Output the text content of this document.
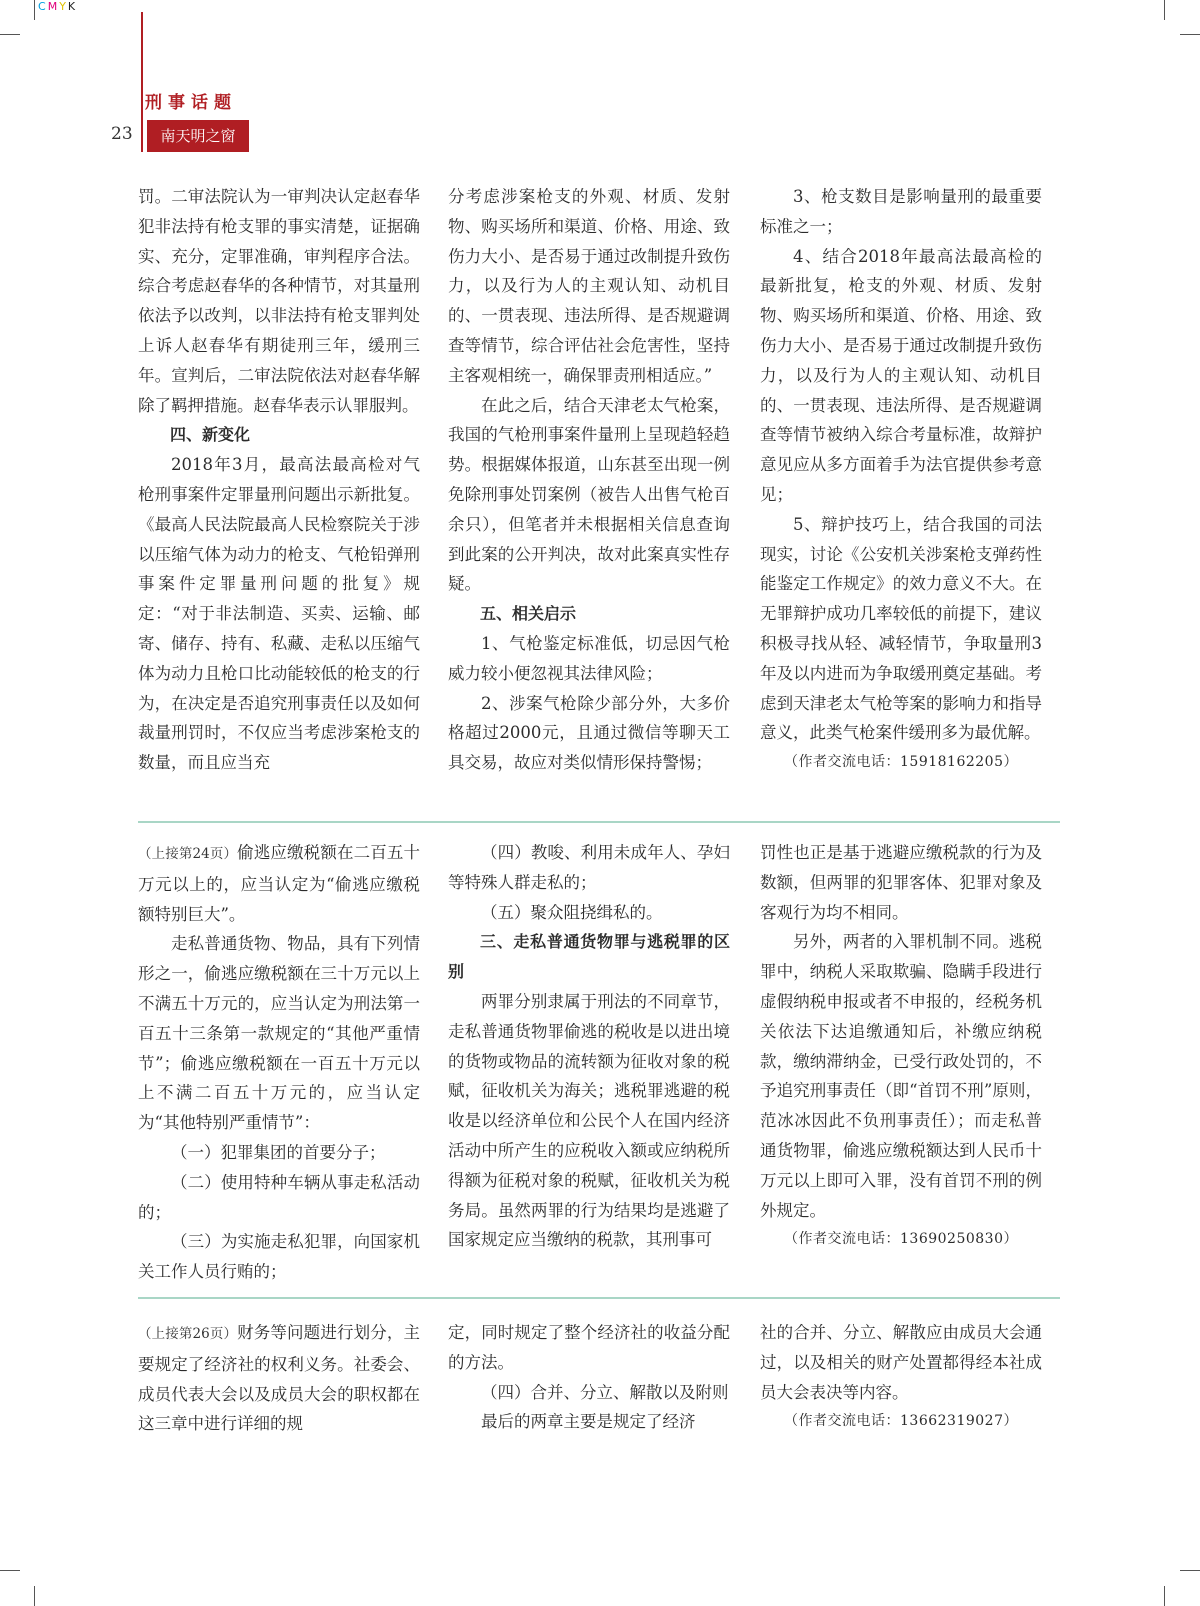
CMYK
刑事话题
23	南天明之窗

罚。二审法院认为一审判决认定赵春华犯非法持有枪支罪的事实清楚，证据确实、充分，定罪准确，审判程序合法。综合考虑赵春华的各种情节，对其量刑依法予以改判，以非法持有枪支罪判处上诉人赵春华有期徒刑三年，缓刑三年。宣判后，二审法院依法对赵春华解除了羁押措施。赵春华表示认罪服判。

四、新变化

2018年3月，最高法最高检对气枪刑事案件定罪量刑问题出示新批复。《最高人民法院最高人民检察院关于涉以压缩气体为动力的枪支、气枪铅弹刑事案件定罪量刑问题的批复》规定：“对于非法制造、买卖、运输、邮寄、储存、持有、私藏、走私以压缩气体为动力且枪口比动能较低的枪支的行为，在决定是否追究刑事责任以及如何裁量刑罚时，不仅应当考虑涉案枪支的数量，而且应当充

分考虑涉案枪支的外观、材质、发射物、购买场所和渠道、价格、用途、致伤力大小、是否易于通过改制提升致伤力，以及行为人的主观认知、动机目的、一贯表现、违法所得、是否规避调查等情节，综合评估社会危害性，坚持主客观相统一，确保罪责刑相适应。”

在此之后，结合天津老太气枪案，我国的气枪刑事案件量刑上呈现趋轻趋势。根据媒体报道，山东甚至出现一例免除刑事处罚案例（被告人出售气枪百余只），但笔者并未根据相关信息查询到此案的公开判决，故对此案真实性存疑。

五、相关启示

1、气枪鉴定标准低，切忌因气枪威力较小便忽视其法律风险；

2、涉案气枪除少部分外，大多价格超过2000元，且通过微信等聊天工具交易，故应对类似情形保持警惕；

3、枪支数目是影响量刑的最重要标准之一；

4、结合2018年最高法最高检的最新批复，枪支的外观、材质、发射物、购买场所和渠道、价格、用途、致伤力大小、是否易于通过改制提升致伤力，以及行为人的主观认知、动机目的、一贯表现、违法所得、是否规避调查等情节被纳入综合考量标准，故辩护意见应从多方面着手为法官提供参考意见；

5、辩护技巧上，结合我国的司法现实，讨论《公安机关涉案枪支弹药性能鉴定工作规定》的效力意义不大。在无罪辩护成功几率较低的前提下，建议积极寻找从轻、减轻情节，争取量刑3年及以内进而为争取缓刑奠定基础。考虑到天津老太气枪等案的影响力和指导意义，此类气枪案件缓刑多为最优解。

（作者交流电话：15918162205）

（上接第24页）偷逃应缴税额在二百五十万元以上的，应当认定为“偷逃应缴税额特别巨大”。

走私普通货物、物品，具有下列情形之一，偷逃应缴税额在三十万元以上不满五十万元的，应当认定为刑法第一百五十三条第一款规定的“其他严重情节”；偷逃应缴税额在一百五十万元以上不满二百五十万元的，应当认定为“其他特别严重情节”：

（一）犯罪集团的首要分子；

（二）使用特种车辆从事走私活动的；

（三）为实施走私犯罪，向国家机关工作人员行贿的；

（四）教唆、利用未成年人、孕妇等特殊人群走私的；

（五）聚众阻挠缉私的。

三、走私普通货物罪与逃税罪的区别

两罪分别隶属于刑法的不同章节，走私普通货物罪偷逃的税收是以进出境的货物或物品的流转额为征收对象的税赋，征收机关为海关；逃税罪逃避的税收是以经济单位和公民个人在国内经济活动中所产生的应税收入额或应纳税所得额为征税对象的税赋，征收机关为税务局。虽然两罪的行为结果均是逃避了国家规定应当缴纳的税款，其刑事可

罚性也正是基于逃避应缴税款的行为及数额，但两罪的犯罪客体、犯罪对象及客观行为均不相同。

另外，两者的入罪机制不同。逃税罪中，纳税人采取欺骗、隐瞒手段进行虚假纳税申报或者不申报的，经税务机关依法下达追缴通知后，补缴应纳税款，缴纳滞纳金，已受行政处罚的，不予追究刑事责任（即“首罚不刑”原则，范冰冰因此不负刑事责任）；而走私普通货物罪，偷逃应缴税额达到人民币十万元以上即可入罪，没有首罚不刑的例外规定。

（作者交流电话：13690250830）

（上接第26页）财务等问题进行划分，主要规定了经济社的权利义务。社委会、成员代表大会以及成员大会的职权都在这三章中进行详细的规

定，同时规定了整个经济社的收益分配的方法。

（四）合并、分立、解散以及附则

最后的两章主要是规定了经济

社的合并、分立、解散应由成员大会通过，以及相关的财产处置都得经本社成员大会表决等内容。

（作者交流电话：13662319027）
